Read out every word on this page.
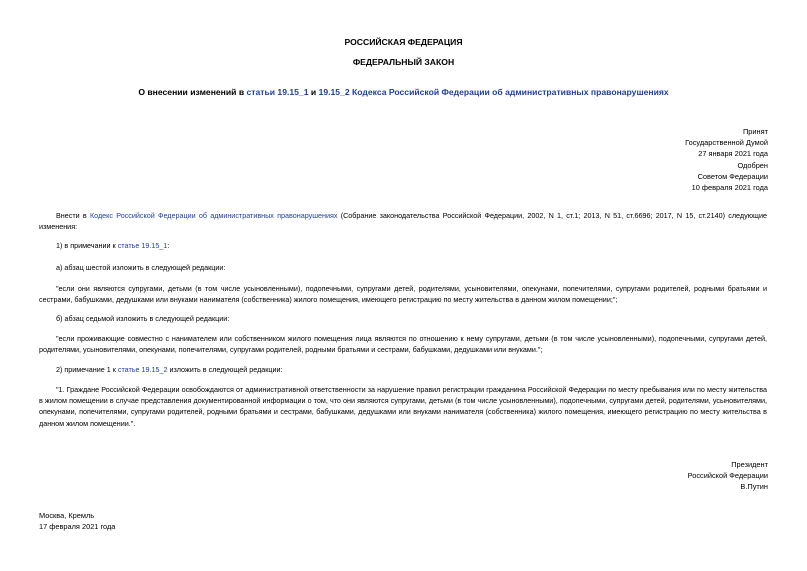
РОССИЙСКАЯ ФЕДЕРАЦИЯ
ФЕДЕРАЛЬНЫЙ ЗАКОН
О внесении изменений в статьи 19.15_1 и 19.15_2 Кодекса Российской Федерации об административных правонарушениях
Принят
Государственной Думой
27 января 2021 года
Одобрен
Советом Федерации
10 февраля 2021 года
Внести в Кодекс Российской Федерации об административных правонарушениях (Собрание законодательства Российской Федерации, 2002, N 1, ст.1; 2013, N 51, ст.6696; 2017, N 15, ст.2140) следующие изменения:
1) в примечании к статье 19.15_1:
а) абзац шестой изложить в следующей редакции:
"если они являются супругами, детьми (в том числе усыновленными), подопечными, супругами детей, родителями, усыновителями, опекунами, попечителями, супругами родителей, родными братьями и сестрами, бабушками, дедушками или внуками нанимателя (собственника) жилого помещения, имеющего регистрацию по месту жительства в данном жилом помещении;";
б) абзац седьмой изложить в следующей редакции:
"если проживающие совместно с нанимателем или собственником жилого помещения лица являются по отношению к нему супругами, детьми (в том числе усыновленными), подопечными, супругами детей, родителями, усыновителями, опекунами, попечителями, супругами родителей, родными братьями и сестрами, бабушками, дедушками или внуками.";
2) примечание 1 к статье 19.15_2 изложить в следующей редакции:
"1. Граждане Российской Федерации освобождаются от административной ответственности за нарушение правил регистрации гражданина Российской Федерации по месту пребывания или по месту жительства в жилом помещении в случае представления документированной информации о том, что они являются супругами, детьми (в том числе усыновленными), подопечными, супругами детей, родителями, усыновителями, опекунами, попечителями, супругами родителей, родными братьями и сестрами, бабушками, дедушками или внуками нанимателя (собственника) жилого помещения, имеющего регистрацию по месту жительства в данном жилом помещении.".
Президент
Российской Федерации
В.Путин
Москва, Кремль
17 февраля 2021 года
